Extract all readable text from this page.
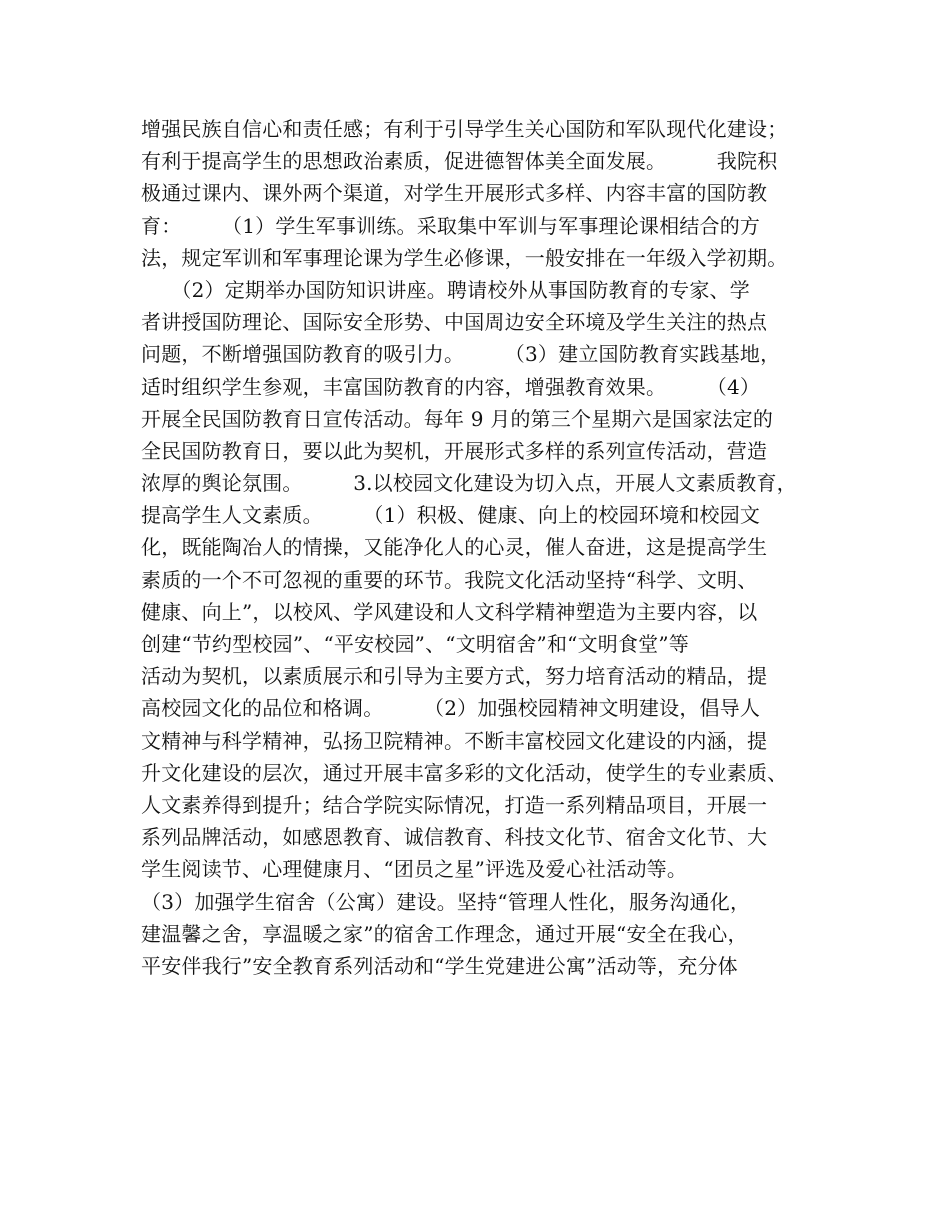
增强民族自信心和责任感；有利于引导学生关心国防和军队现代化建设；
有利于提高学生的思想政治素质，促进德智体美全面发展。　　　我院积
极通过课内、课外两个渠道，对学生开展形式多样、内容丰富的国防教
育：　　　（1）学生军事训练。采取集中军训与军事理论课相结合的方
法，规定军训和军事理论课为学生必修课，一般安排在一年级入学初期。
　　（2）定期举办国防知识讲座。聘请校外从事国防教育的专家、学
者讲授国防理论、国际安全形势、中国周边安全环境及学生关注的热点
问题，不断增强国防教育的吸引力。　　　（3）建立国防教育实践基地，
适时组织学生参观，丰富国防教育的内容，增强教育效果。　　　（4）
开展全民国防教育日宣传活动。每年 9 月的第三个星期六是国家法定的
全民国防教育日，要以此为契机，开展形式多样的系列宣传活动，营造
浓厚的舆论氛围。　　　3.以校园文化建设为切入点，开展人文素质教育，
提高学生人文素质。　　　（1）积极、健康、向上的校园环境和校园文
化，既能陶冶人的情操，又能净化人的心灵，催人奋进，这是提高学生
素质的一个不可忽视的重要的环节。我院文化活动坚持“科学、文明、
健康、向上”，以校风、学风建设和人文科学精神塑造为主要内容，以
创建“节约型校园”、“平安校园”、“文明宿舍”和“文明食堂”等
活动为契机，以素质展示和引导为主要方式，努力培育活动的精品，提
高校园文化的品位和格调。　　　（2）加强校园精神文明建设，倡导人
文精神与科学精神，弘扬卫院精神。不断丰富校园文化建设的内涵，提
升文化建设的层次，通过开展丰富多彩的文化活动，使学生的专业素质、
人文素养得到提升；结合学院实际情况，打造一系列精品项目，开展一
系列品牌活动，如感恩教育、诚信教育、科技文化节、宿舍文化节、大
学生阅读节、心理健康月、“团员之星”评选及爱心社活动等。
（3）加强学生宿舍（公寓）建设。坚持“管理人性化，服务沟通化，
建温馨之舍，享温暖之家”的宿舍工作理念，通过开展“安全在我心，
平安伴我行”安全教育系列活动和“学生党建进公寓”活动等，充分体
